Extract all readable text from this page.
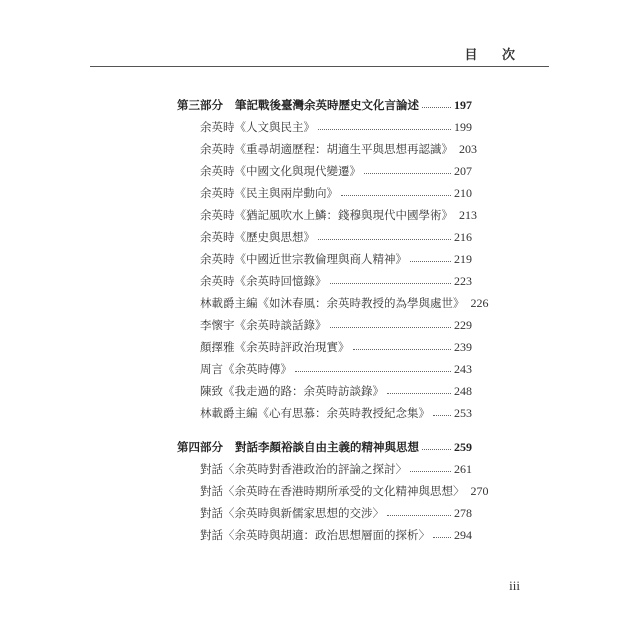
目 次
第三部分 筆記戰後臺灣余英時歷史文化言論述	197
余英時《人文與民主》	199
余英時《重尋胡適歷程：胡適生平與思想再認識》 203
余英時《中國文化與現代變遷》	207
余英時《民主與兩岸動向》	210
余英時《猶記風吹水上鱗：錢穆與現代中國學術》 213
余英時《歷史與思想》	216
余英時《中國近世宗教倫理與商人精神》	219
余英時《余英時回憶錄》	223
林載爵主編《如沐春風：余英時教授的為學與處世》 226
李懷宇《余英時談話錄》	229
顏擇雅《余英時評政治現實》	239
周言《余英時傳》	243
陳致《我走過的路：余英時訪談錄》	248
林載爵主編《心有思慕：余英時教授紀念集》 253
第四部分 對話李顏裕談自由主義的精神與思想	259
對話〈余英時對香港政治的評論之探討〉	261
對話〈余英時在香港時期所承受的文化精神與思想〉 270
對話〈余英時與新儒家思想的交涉〉	278
對話〈余英時與胡適：政治思想層面的探析〉 294
iii
